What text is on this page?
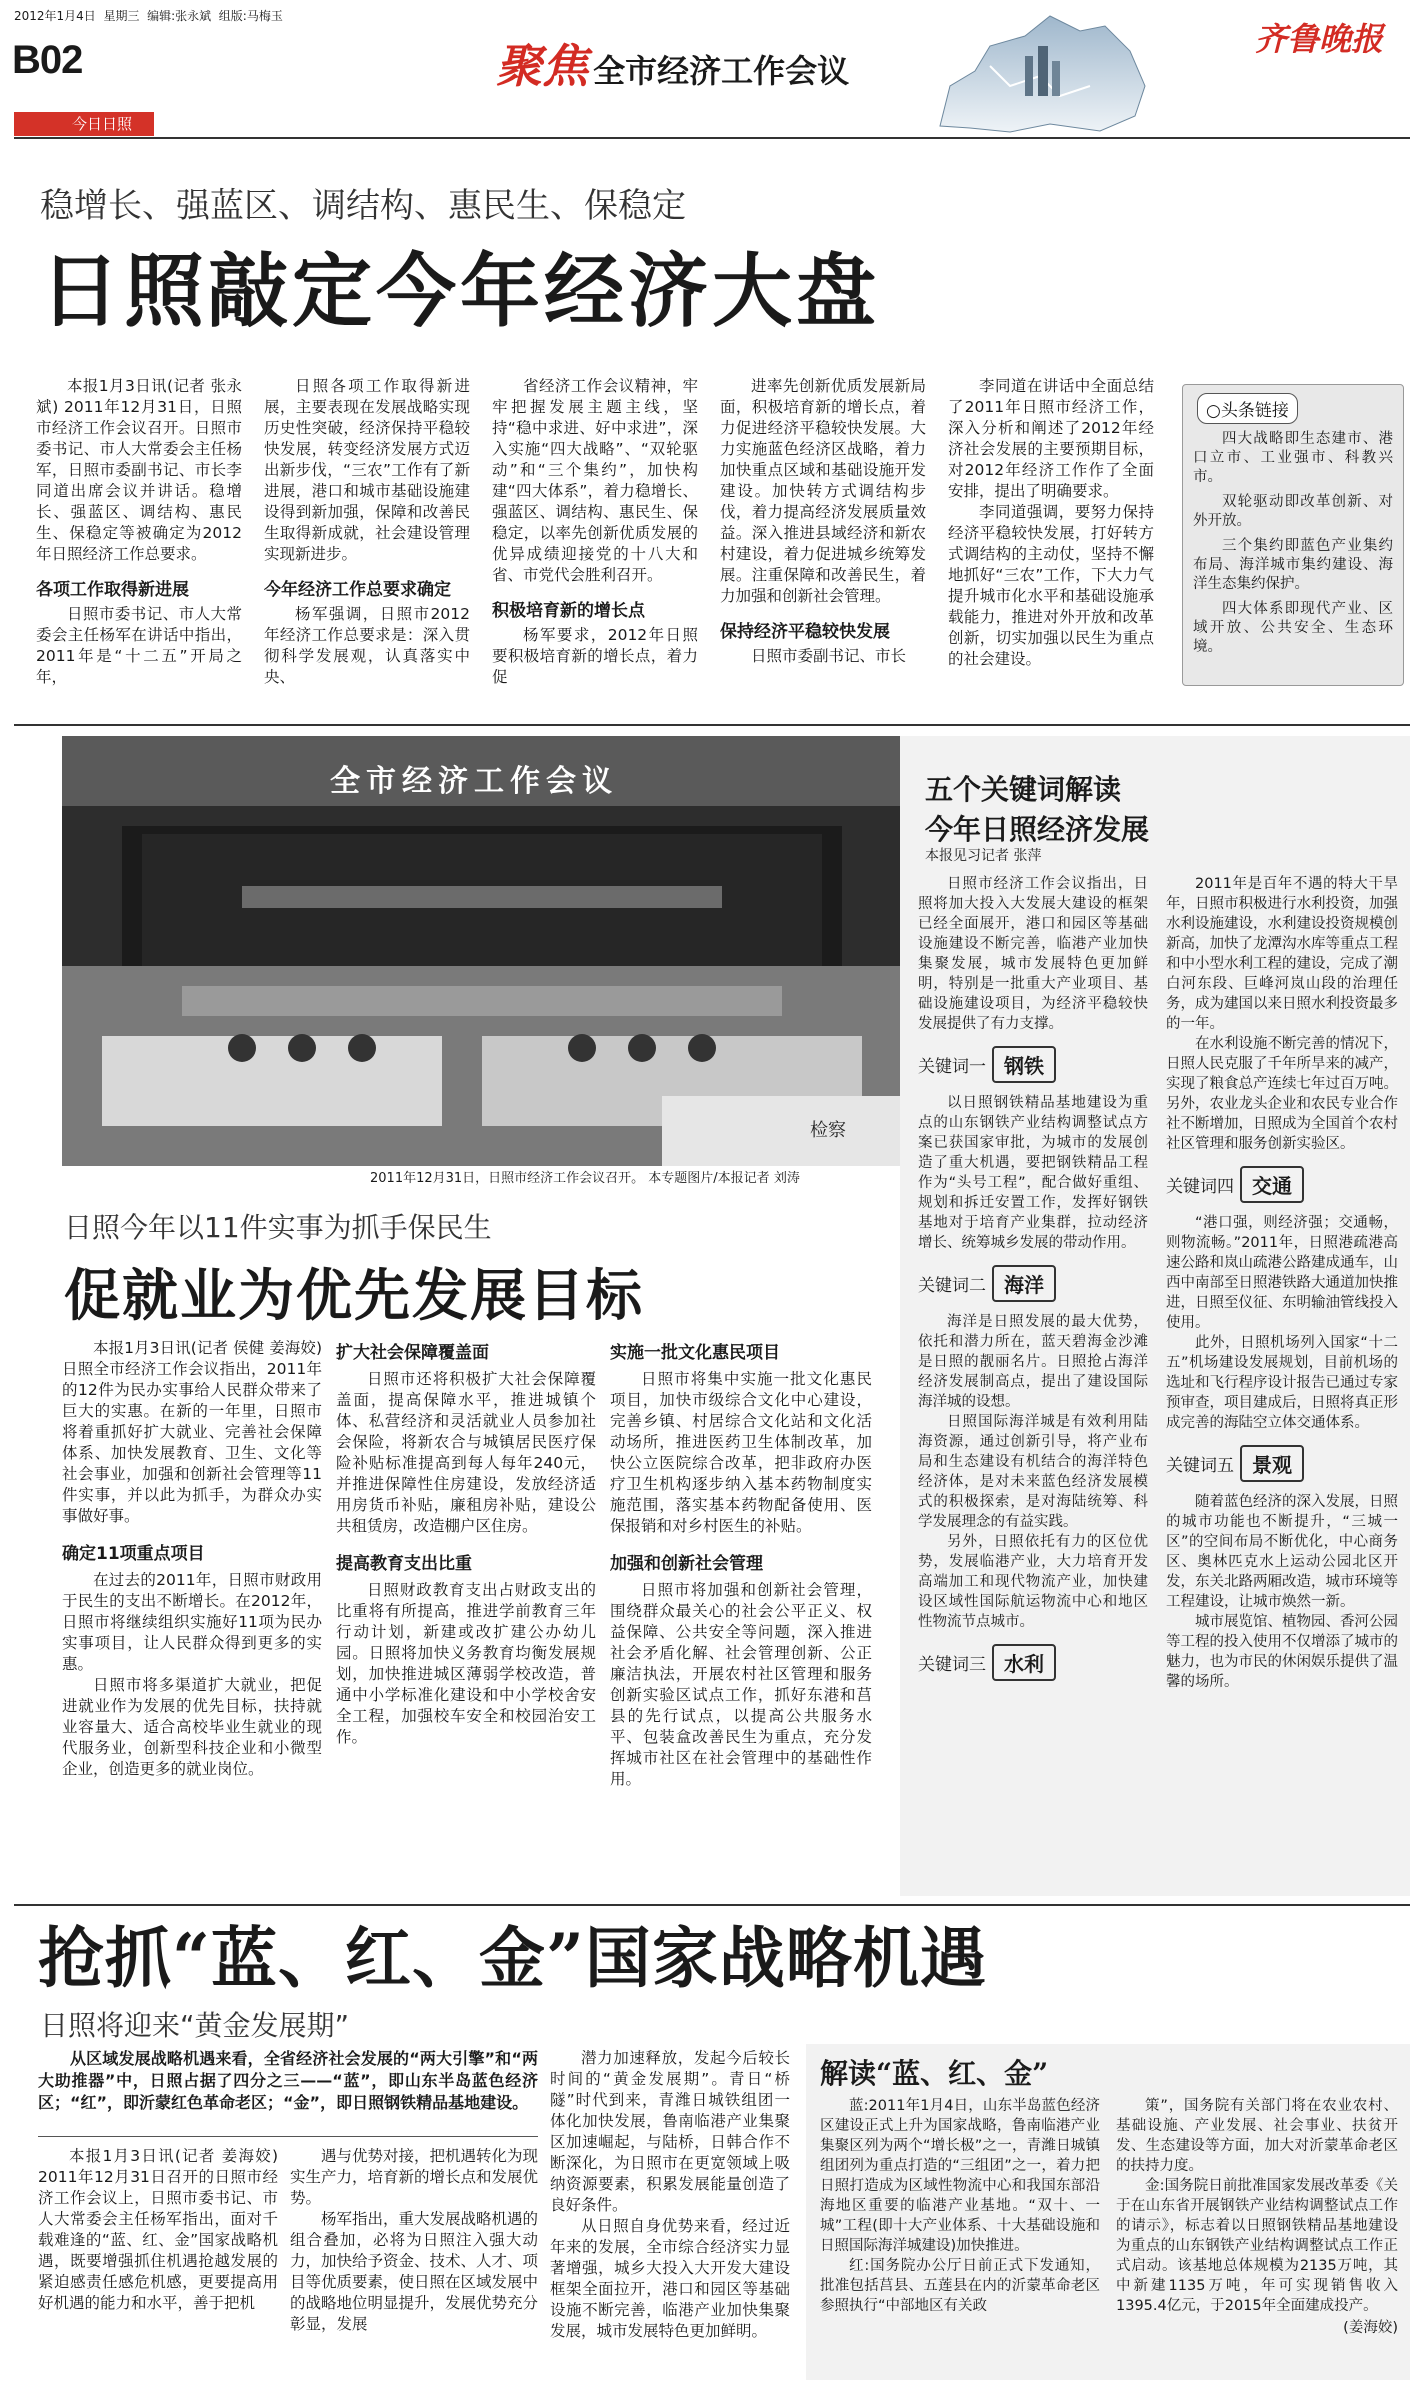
2012年1月4日 星期三 编辑:张永斌 组版:马梅玉
B02
今日日照
聚焦 全市经济工作会议
齐鲁晚报
稳增长、强蓝区、调结构、惠民生、保稳定
日照敲定今年经济大盘

本报1月3日讯(记者 张永斌) 2011年12月31日，日照市经济工作会议召开。日照市委书记、市人大常委会主任杨军，日照市委副书记、市长李同道出席会议并讲话。稳增长、强蓝区、调结构、惠民生、保稳定等被确定为2012年日照经济工作总要求。

各项工作取得新进展

日照市委书记、市人大常委会主任杨军在讲话中指出，2011年是“十二五”开局之年，

日照各项工作取得新进展，主要表现在发展战略实现历史性突破，经济保持平稳较快发展，转变经济发展方式迈出新步伐，“三农”工作有了新进展，港口和城市基础设施建设得到新加强，保障和改善民生取得新成就，社会建设管理实现新进步。

今年经济工作总要求确定

杨军强调，日照市2012年经济工作总要求是：深入贯彻科学发展观，认真落实中央、

省经济工作会议精神，牢牢把握发展主题主线，坚持“稳中求进、好中求进”，深入实施“四大战略”、“双轮驱动”和“三个集约”，加快构建“四大体系”，着力稳增长、强蓝区、调结构、惠民生、保稳定，以率先创新优质发展的优异成绩迎接党的十八大和省、市党代会胜利召开。

积极培育新的增长点

杨军要求，2012年日照要积极培育新的增长点，着力促

进率先创新优质发展新局面，积极培育新的增长点，着力促进经济平稳较快发展。大力实施蓝色经济区战略，着力加快重点区域和基础设施开发建设。加快转方式调结构步伐，着力提高经济发展质量效益。深入推进县域经济和新农村建设，着力促进城乡统筹发展。注重保障和改善民生，着力加强和创新社会管理。

保持经济平稳较快发展

日照市委副书记、市长

李同道在讲话中全面总结了2011年日照市经济工作，深入分析和阐述了2012年经济社会发展的主要预期目标，对2012年经济工作作了全面安排，提出了明确要求。

李同道强调，要努力保持经济平稳较快发展，打好转方式调结构的主动仗，坚持不懈地抓好“三农”工作，下大力气提升城市化水平和基础设施承载能力，推进对外开放和改革创新，切实加强以民生为重点的社会建设。

○头条链接

四大战略即生态建市、港口立市、工业强市、科教兴市。

双轮驱动即改革创新、对外开放。

三个集约即蓝色产业集约布局、海洋城市集约建设、海洋生态集约保护。

四大体系即现代产业、区域开放、公共安全、生态环境。

全市经济工作会议
检察
2011年12月31日，日照市经济工作会议召开。 本专题图片/本报记者 刘涛
日照今年以11件实事为抓手保民生
促就业为优先发展目标

本报1月3日讯(记者 侯健 姜海姣)日照全市经济工作会议指出，2011年的12件为民办实事给人民群众带来了巨大的实惠。在新的一年里，日照市将着重抓好扩大就业、完善社会保障体系、加快发展教育、卫生、文化等社会事业，加强和创新社会管理等11件实事，并以此为抓手，为群众办实事做好事。

确定11项重点项目

在过去的2011年，日照市财政用于民生的支出不断增长。在2012年，日照市将继续组织实施好11项为民办实事项目，让人民群众得到更多的实惠。

日照市将多渠道扩大就业，把促进就业作为发展的优先目标，扶持就业容量大、适合高校毕业生就业的现代服务业，创新型科技企业和小微型企业，创造更多的就业岗位。

扩大社会保障覆盖面

日照市还将积极扩大社会保障覆盖面，提高保障水平，推进城镇个体、私营经济和灵活就业人员参加社会保险，将新农合与城镇居民医疗保险补贴标准提高到每人每年240元，并推进保障性住房建设，发放经济适用房货币补贴，廉租房补贴，建设公共租赁房，改造棚户区住房。

提高教育支出比重

日照财政教育支出占财政支出的比重将有所提高，推进学前教育三年行动计划，新建或改扩建公办幼儿园。日照将加快义务教育均衡发展规划，加快推进城区薄弱学校改造，普通中小学标准化建设和中小学校舍安全工程，加强校车安全和校园治安工作。

实施一批文化惠民项目

日照市将集中实施一批文化惠民项目，加快市级综合文化中心建设，完善乡镇、村居综合文化站和文化活动场所，推进医药卫生体制改革，加快公立医院综合改革，把非政府办医疗卫生机构逐步纳入基本药物制度实施范围，落实基本药物配备使用、医保报销和对乡村医生的补贴。

加强和创新社会管理

日照市将加强和创新社会管理，围绕群众最关心的社会公平正义、权益保障、公共安全等问题，深入推进社会矛盾化解、社会管理创新、公正廉洁执法，开展农村社区管理和服务创新实验区试点工作，抓好东港和莒县的先行试点，以提高公共服务水平、包装盒改善民生为重点，充分发挥城市社区在社会管理中的基础性作用。

五个关键词解读
今年日照经济发展
本报见习记者 张萍

日照市经济工作会议指出，日照将加大投入大发展大建设的框架已经全面展开，港口和园区等基础设施建设不断完善，临港产业加快集聚发展，城市发展特色更加鲜明，特别是一批重大产业项目、基础设施建设项目，为经济平稳较快发展提供了有力支撑。

关键词一 钢铁

以日照钢铁精品基地建设为重点的山东钢铁产业结构调整试点方案已获国家审批，为城市的发展创造了重大机遇，要把钢铁精品工程作为“头号工程”，配合做好重组、规划和拆迁安置工作，发挥好钢铁基地对于培育产业集群，拉动经济增长、统筹城乡发展的带动作用。

关键词二 海洋

海洋是日照发展的最大优势，依托和潜力所在，蓝天碧海金沙滩是日照的靓丽名片。日照抢占海洋经济发展制高点，提出了建设国际海洋城的设想。

日照国际海洋城是有效利用陆海资源，通过创新引导，将产业布局和生态建设有机结合的海洋特色经济体，是对未来蓝色经济发展模式的积极探索，是对海陆统筹、科学发展理念的有益实践。

另外，日照依托有力的区位优势，发展临港产业，大力培育开发高端加工和现代物流产业，加快建设区域性国际航运物流中心和地区性物流节点城市。

关键词三 水利

2011年是百年不遇的特大干旱年，日照市积极进行水利投资，加强水利设施建设，水利建设投资规模创新高，加快了龙潭沟水库等重点工程和中小型水利工程的建设，完成了潮白河东段、巨峰河岚山段的治理任务，成为建国以来日照水利投资最多的一年。

在水利设施不断完善的情况下，日照人民克服了千年所旱来的减产，实现了粮食总产连续七年过百万吨。另外，农业龙头企业和农民专业合作社不断增加，日照成为全国首个农村社区管理和服务创新实验区。

关键词四 交通

“港口强，则经济强；交通畅，则物流畅。”2011年，日照港疏港高速公路和岚山疏港公路建成通车，山西中南部至日照港铁路大通道加快推进，日照至仪征、东明输油管线投入使用。

此外，日照机场列入国家“十二五”机场建设发展规划，目前机场的选址和飞行程序设计报告已通过专家预审查，项目建成后，日照将真正形成完善的海陆空立体交通体系。

关键词五 景观

随着蓝色经济的深入发展，日照的城市功能也不断提升，“三城一区”的空间布局不断优化，中心商务区、奥林匹克水上运动公园北区开发，东关北路两厢改造，城市环境等工程建设，让城市焕然一新。

城市展览馆、植物园、香河公园等工程的投入使用不仅增添了城市的魅力，也为市民的休闲娱乐提供了温馨的场所。

抢抓“蓝、红、金”国家战略机遇
日照将迎来“黄金发展期”
从区域发展战略机遇来看，全省经济社会发展的“两大引擎”和“两大助推器”中，日照占据了四分之三——“蓝”，即山东半岛蓝色经济区；“红”，即沂蒙红色革命老区；“金”，即日照钢铁精品基地建设。

本报1月3日讯(记者 姜海姣) 2011年12月31日召开的日照市经济工作会议上，日照市委书记、市人大常委会主任杨军指出，面对千载难逢的“蓝、红、金”国家战略机遇，既要增强抓住机遇抢越发展的紧迫感责任感危机感，更要提高用好机遇的能力和水平，善于把机

遇与优势对接，把机遇转化为现实生产力，培育新的增长点和发展优势。

杨军指出，重大发展战略机遇的组合叠加，必将为日照注入强大动力，加快给予资金、技术、人才、项目等优质要素，使日照在区域发展中的战略地位明显提升，发展优势充分彰显，发展

潜力加速释放，发起今后较长时间的“黄金发展期”。青日“桥隧”时代到来，青潍日城铁组团一体化加快发展，鲁南临港产业集聚区加速崛起，与陆桥，日韩合作不断深化，为日照市在更宽领域上吸纳资源要素，积累发展能量创造了良好条件。

从日照自身优势来看，经过近年来的发展，全市综合经济实力显著增强，城乡大投入大开发大建设框架全面拉开，港口和园区等基础设施不断完善，临港产业加快集聚发展，城市发展特色更加鲜明。

解读“蓝、红、金”

蓝:2011年1月4日，山东半岛蓝色经济区建设正式上升为国家战略，鲁南临港产业集聚区列为两个“增长极”之一，青潍日城镇组团列为重点打造的“三组团”之一，着力把日照打造成为区域性物流中心和我国东部沿海地区重要的临港产业基地。“双十、一城”工程(即十大产业体系、十大基础设施和日照国际海洋城建设)加快推进。

红:国务院办公厅日前正式下发通知，批准包括莒县、五莲县在内的沂蒙革命老区参照执行“中部地区有关政

策”，国务院有关部门将在农业农村、基础设施、产业发展、社会事业、扶贫开发、生态建设等方面，加大对沂蒙革命老区的扶持力度。

金:国务院日前批准国家发展改革委《关于在山东省开展钢铁产业结构调整试点工作的请示》，标志着以日照钢铁精品基地建设为重点的山东钢铁产业结构调整试点工作正式启动。该基地总体规模为2135万吨，其中新建1135万吨，年可实现销售收入1395.4亿元，于2015年全面建成投产。

(姜海姣)
